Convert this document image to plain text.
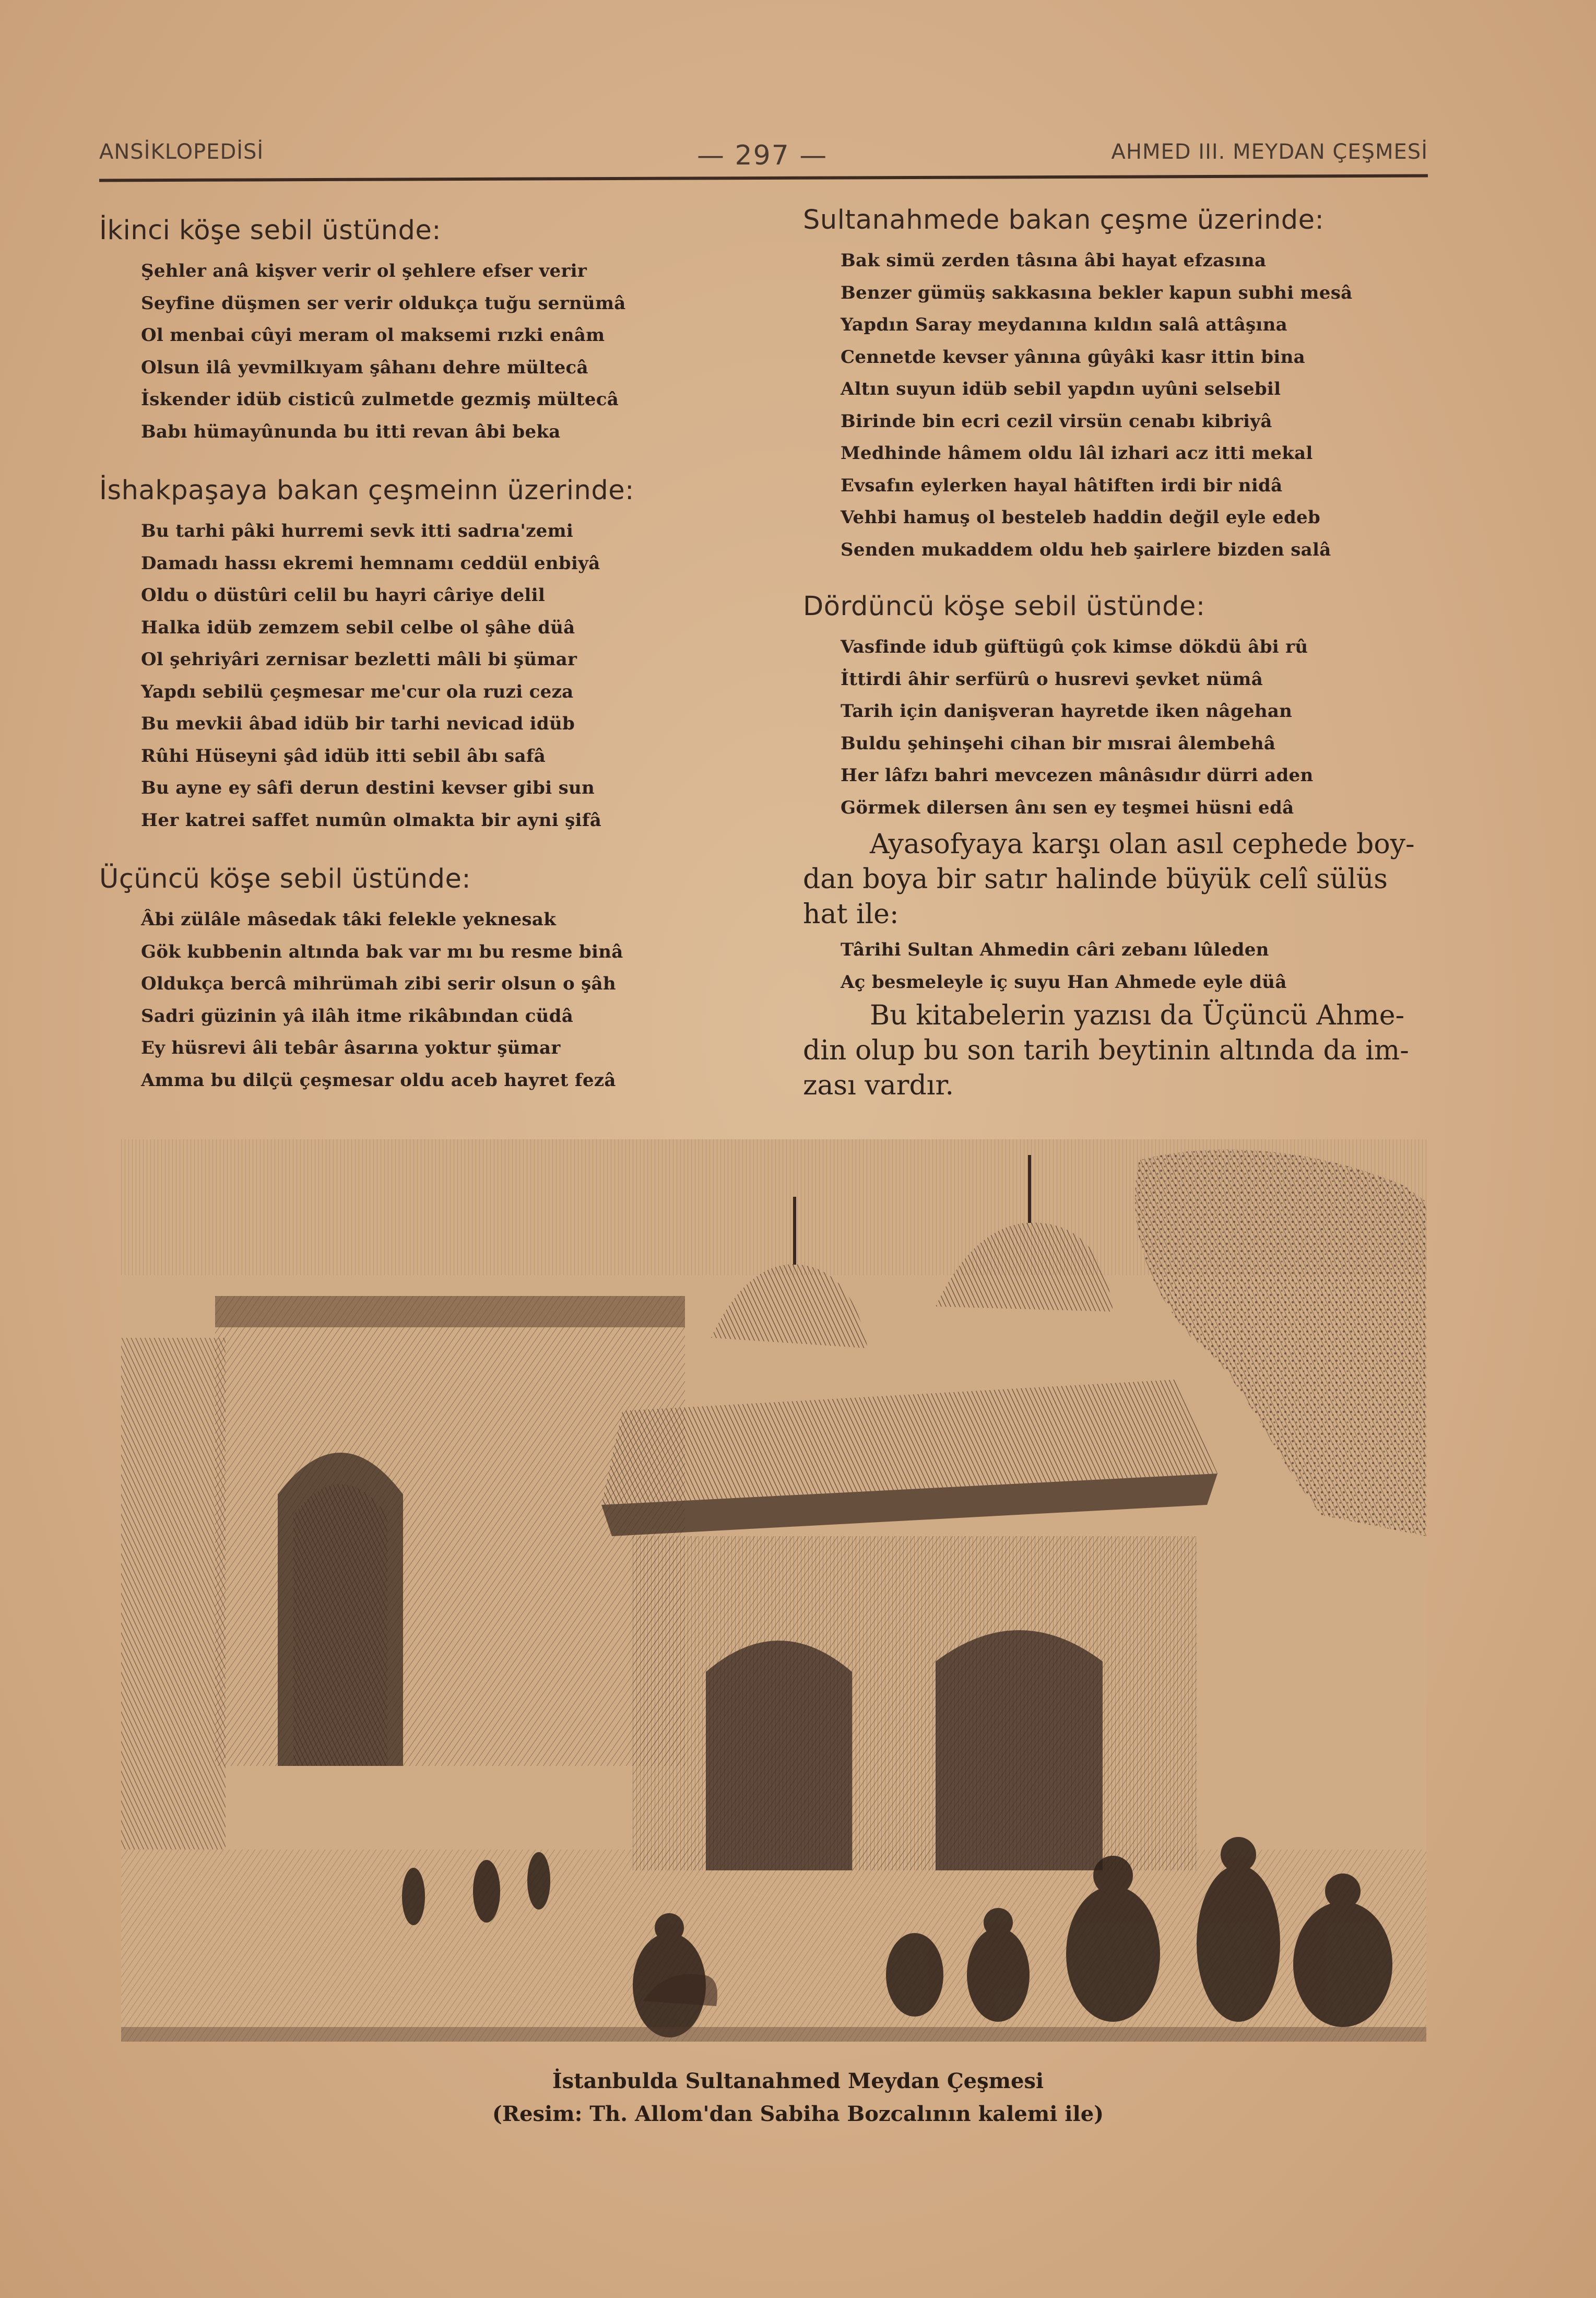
ANSİKLOPEDİSİ	— 297 —	AHMED III. MEYDAN ÇEŞMESİ
İkinci köşe sebil üstünde:
Şehler anâ kişver verir ol şehlere efser verir
Seyfine düşmen ser verir oldukça tuğu sernümâ
Ol menbai cûyi meram ol maksemi rızki enâm
Olsun ilâ yevmilkıyam şâhanı dehre mültecâ
İskender idüb cisticû zulmetde gezmiş mültecâ
Babı hümayûnunda bu itti revan âbi beka
İshakpaşaya bakan çeşmeinn üzerinde:
Bu tarhi pâki hurremi sevk itti sadrıa'zemi
Damadı hassı ekremi hemnamı ceddül enbiyâ
Oldu o düstûri celil bu hayri câriye delil
Halka idüb zemzem sebil celbe ol şâhe düâ
Ol şehriyâri zernisar bezletti mâli bi şümar
Yapdı sebilü çeşmesar me'cur ola ruzi ceza
Bu mevkii âbad idüb bir tarhi nevicad idüb
Rûhi Hüseyni şâd idüb itti sebil âbı safâ
Bu ayne ey sâfi derun destini kevser gibi sun
Her katrei saffet numûn olmakta bir ayni şifâ
Üçüncü köşe sebil üstünde:
Âbi zülâle mâsedak tâki felekle yeknesak
Gök kubbenin altında bak var mı bu resme binâ
Oldukça bercâ mihrümah zibi serir olsun o şâh
Sadri güzinin yâ ilâh itme rikâbından cüdâ
Ey hüsrevi âli tebâr âsarına yoktur şümar
Amma bu dilçü çeşmesar oldu aceb hayret fezâ
Sultanahmede bakan çeşme üzerinde:
Bak simü zerden tâsına âbi hayat efzasına
Benzer gümüş sakkasına bekler kapun subhi mesâ
Yapdın Saray meydanına kıldın salâ attâşına
Cennetde kevser yânına gûyâki kasr ittin bina
Altın suyun idüb sebil yapdın uyûni selsebil
Birinde bin ecri cezil virsün cenabı kibriyâ
Medhinde hâmem oldu lâl izhari acz itti mekal
Evsafın eylerken hayal hâtiften irdi bir nidâ
Vehbi hamuş ol besteleb haddin değil eyle edeb
Senden mukaddem oldu heb şairlere bizden salâ
Dördüncü köşe sebil üstünde:
Vasfinde idub güftügû çok kimse dökdü âbi rû
İttirdi âhir serfürû o husrevi şevket nümâ
Tarih için danişveran hayretde iken nâgehan
Buldu şehinşehi cihan bir mısrai âlembehâ
Her lâfzı bahri mevcezen mânâsıdır dürri aden
Görmek dilersen ânı sen ey teşmei hüsni edâ
Ayasofyaya karşı olan asıl cephede boy-
dan boya bir satır halinde büyük celî sülüs
hat ile:
Târihi Sultan Ahmedin câri zebanı lûleden
Aç besmeleyle iç suyu Han Ahmede eyle düâ
Bu kitabelerin yazısı da Üçüncü Ahme-
din olup bu son tarih beytinin altında da im-
zası vardır.
İstanbulda Sultanahmed Meydan Çeşmesi
(Resim: Th. Allom'dan Sabiha Bozcalının kalemi ile)
